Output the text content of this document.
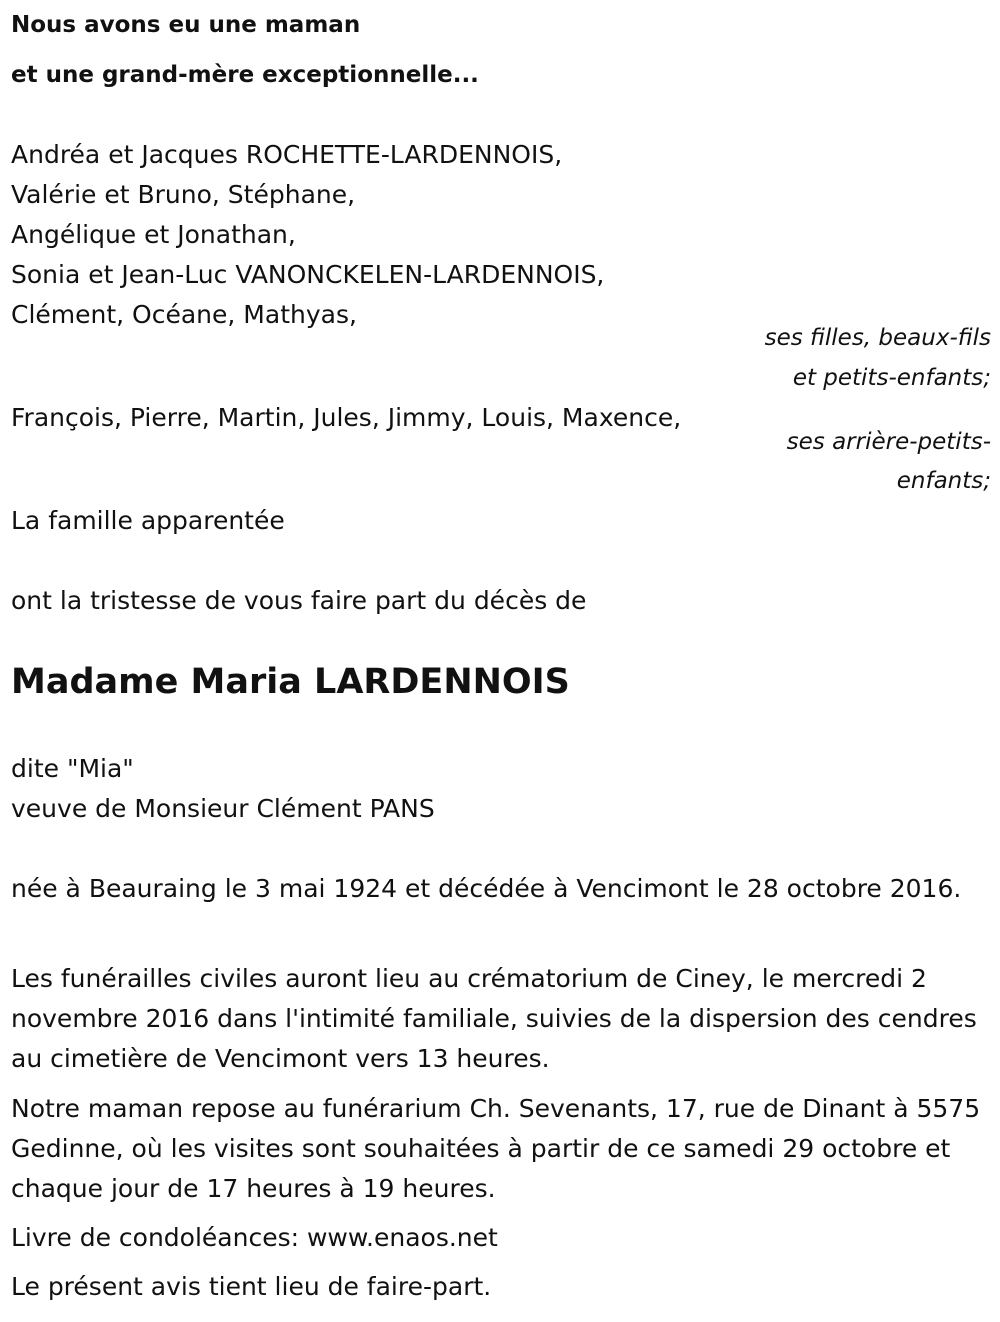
Nous avons eu une maman
et une grand-mère exceptionnelle...
Andréa et Jacques ROCHETTE-LARDENNOIS,
Valérie et Bruno, Stéphane,
Angélique et Jonathan,
Sonia et Jean-Luc VANONCKELEN-LARDENNOIS,
Clément, Océane, Mathyas,
ses filles, beaux-fils
et petits-enfants;
François, Pierre, Martin, Jules, Jimmy, Louis, Maxence,
ses arrière-petits-
enfants;
La famille apparentée
ont la tristesse de vous faire part du décès de
Madame Maria LARDENNOIS
dite "Mia"
veuve de Monsieur Clément PANS
née à Beauraing le 3 mai 1924 et décédée à Vencimont le 28 octobre 2016.
Les funérailles civiles auront lieu au crématorium de Ciney, le mercredi 2 novembre 2016 dans l'intimité familiale, suivies de la dispersion des cendres au cimetière de Vencimont vers 13 heures.
Notre maman repose au funérarium Ch. Sevenants, 17, rue de Dinant à 5575 Gedinne, où les visites sont souhaitées à partir de ce samedi 29 octobre et chaque jour de 17 heures à 19 heures.
Livre de condoléances: www.enaos.net
Le présent avis tient lieu de faire-part.
